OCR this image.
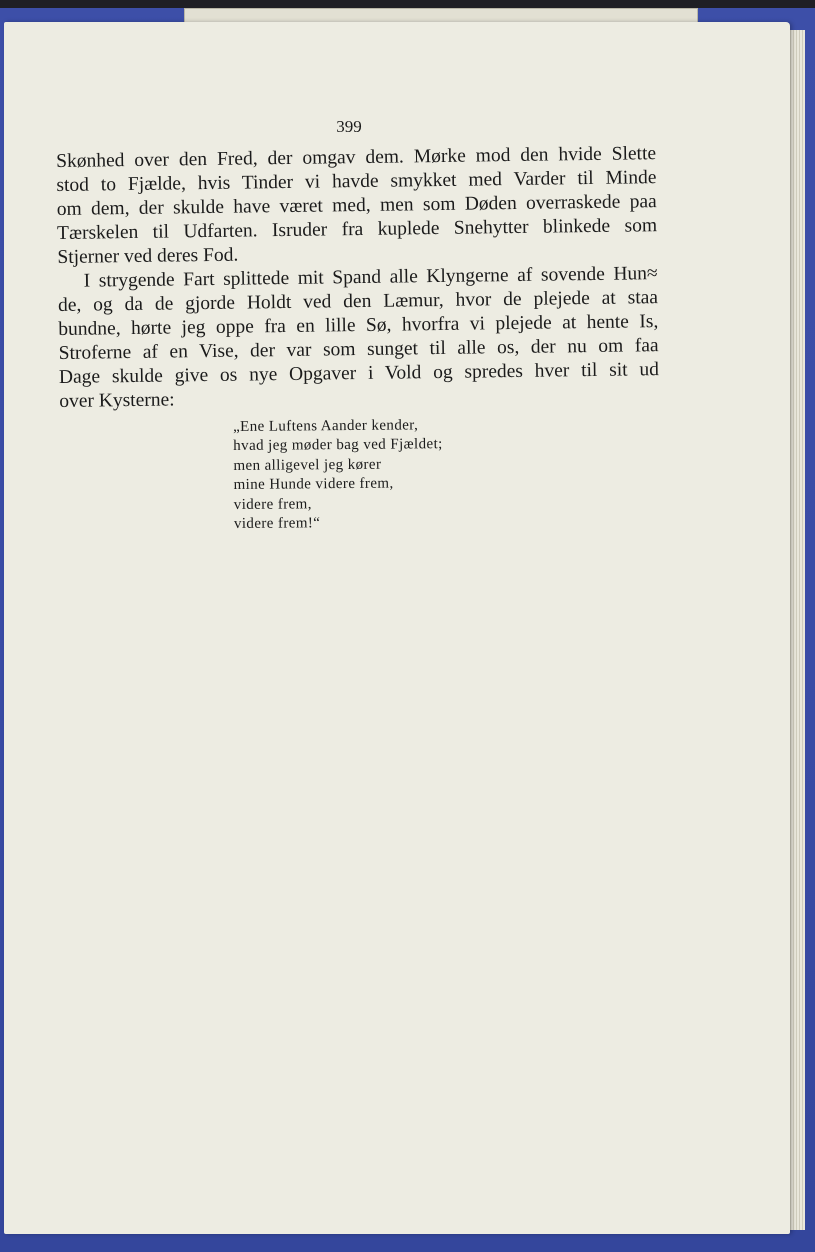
399
Skønhed over den Fred, der omgav dem. Mørke mod den hvide Slette
stod to Fjælde, hvis Tinder vi havde smykket med Varder til Minde
om dem, der skulde have været med, men som Døden overraskede paa
Tærskelen til Udfarten. Isruder fra kuplede Snehytter blinkede som
Stjerner ved deres Fod.
I strygende Fart splittede mit Spand alle Klyngerne af sovende Hun≈
de, og da de gjorde Holdt ved den Læmur, hvor de plejede at staa
bundne, hørte jeg oppe fra en lille Sø, hvorfra vi plejede at hente Is,
Stroferne af en Vise, der var som sunget til alle os, der nu om faa
Dage skulde give os nye Opgaver i Vold og spredes hver til sit ud
over Kysterne:
„Ene Luftens Aander kender,
hvad jeg møder bag ved Fjældet;
men alligevel jeg kører
mine Hunde videre frem,
videre frem,
videre frem!“
